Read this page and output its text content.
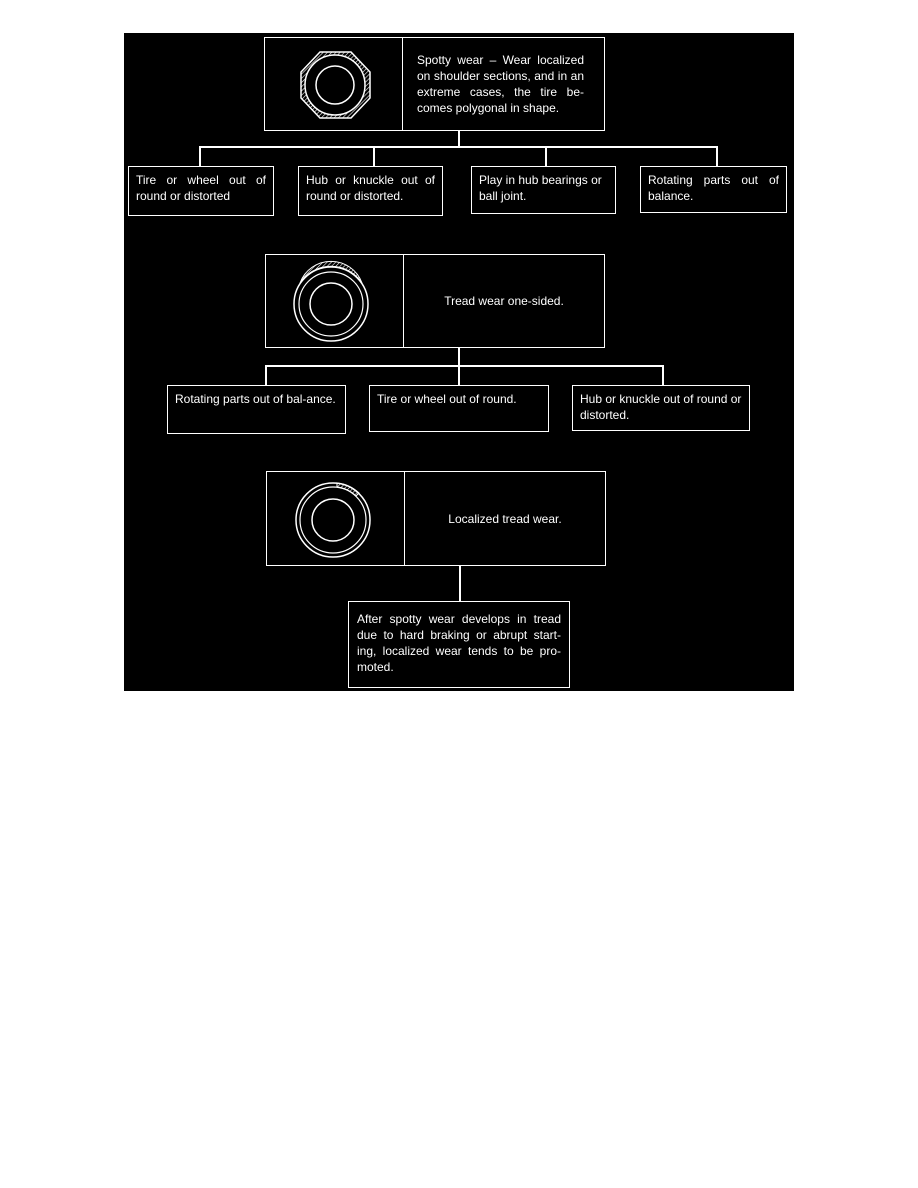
Spotty wear – Wear localized on shoulder sections, and in an extreme cases, the tire be-comes polygonal in shape.
Tire or wheel out of round or distorted
Hub or knuckle out of round or distorted.
Play in hub bearings or ball joint.
Rotating parts out of balance.
Tread wear one-sided.
Rotating parts out of bal-ance.	Tire or wheel out of round.	Hub or knuckle out of round or distorted.
Localized tread wear.
After spotty wear develops in tread due to hard braking or abrupt start-ing, localized wear tends to be pro-moted.
